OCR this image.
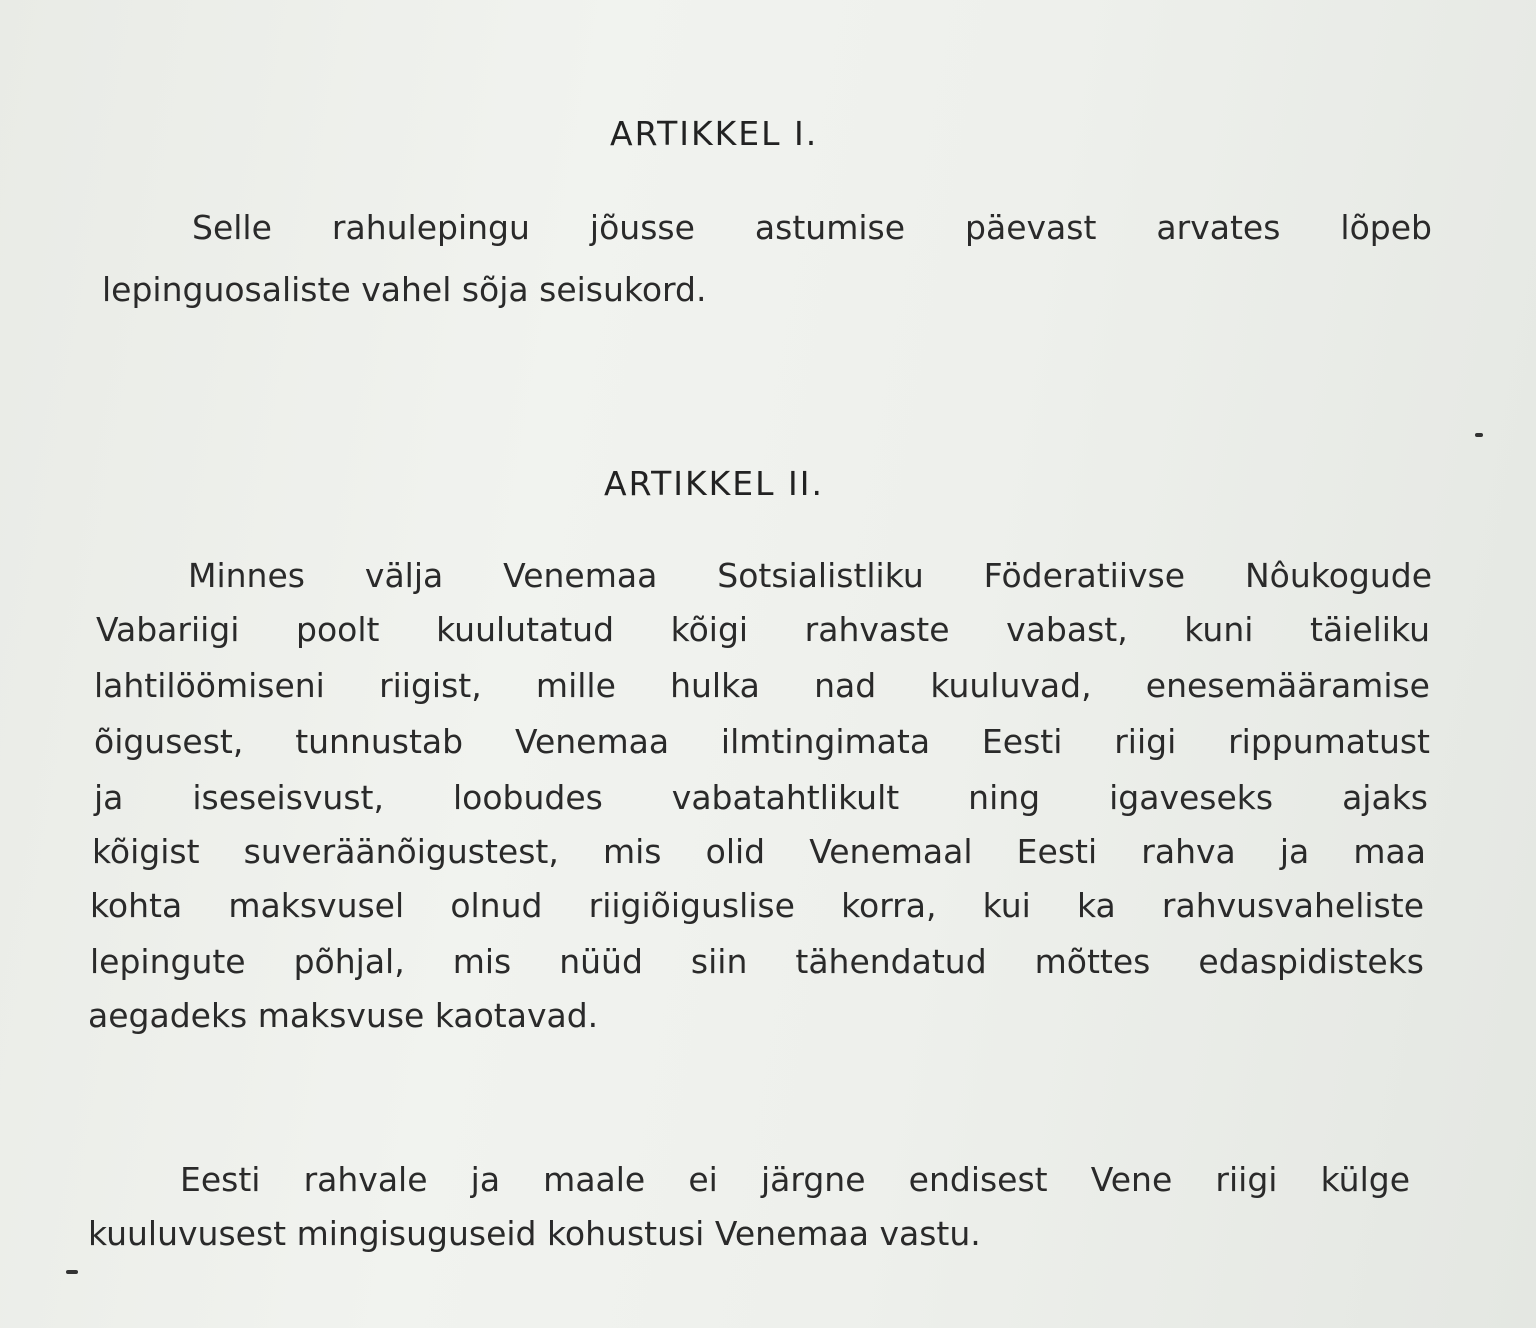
ARTIKKEL I.

Selle rahulepingu jõusse astumise päevast arvates lõpeb

lepinguosaliste vahel sõja seisukord.

ARTIKKEL II.

Minnes välja Venemaa Sotsialistliku Föderatiivse Nôukogude

Vabariigi poolt kuulutatud kõigi rahvaste vabast, kuni täieliku

lahtilöömiseni riigist, mille hulka nad kuuluvad, enesemääramise

õigusest, tunnustab Venemaa ilmtingimata Eesti riigi rippumatust

ja iseseisvust, loobudes vabatahtlikult ning igaveseks ajaks

kõigist suveräänõigustest, mis olid Venemaal Eesti rahva ja maa

kohta maksvusel olnud riigiõiguslise korra, kui ka rahvusvaheliste

lepingute põhjal, mis nüüd siin tähendatud mõttes edaspidisteks

aegadeks maksvuse kaotavad.

Eesti rahvale ja maale ei järgne endisest Vene riigi külge

kuuluvusest mingisuguseid kohustusi Venemaa vastu.
